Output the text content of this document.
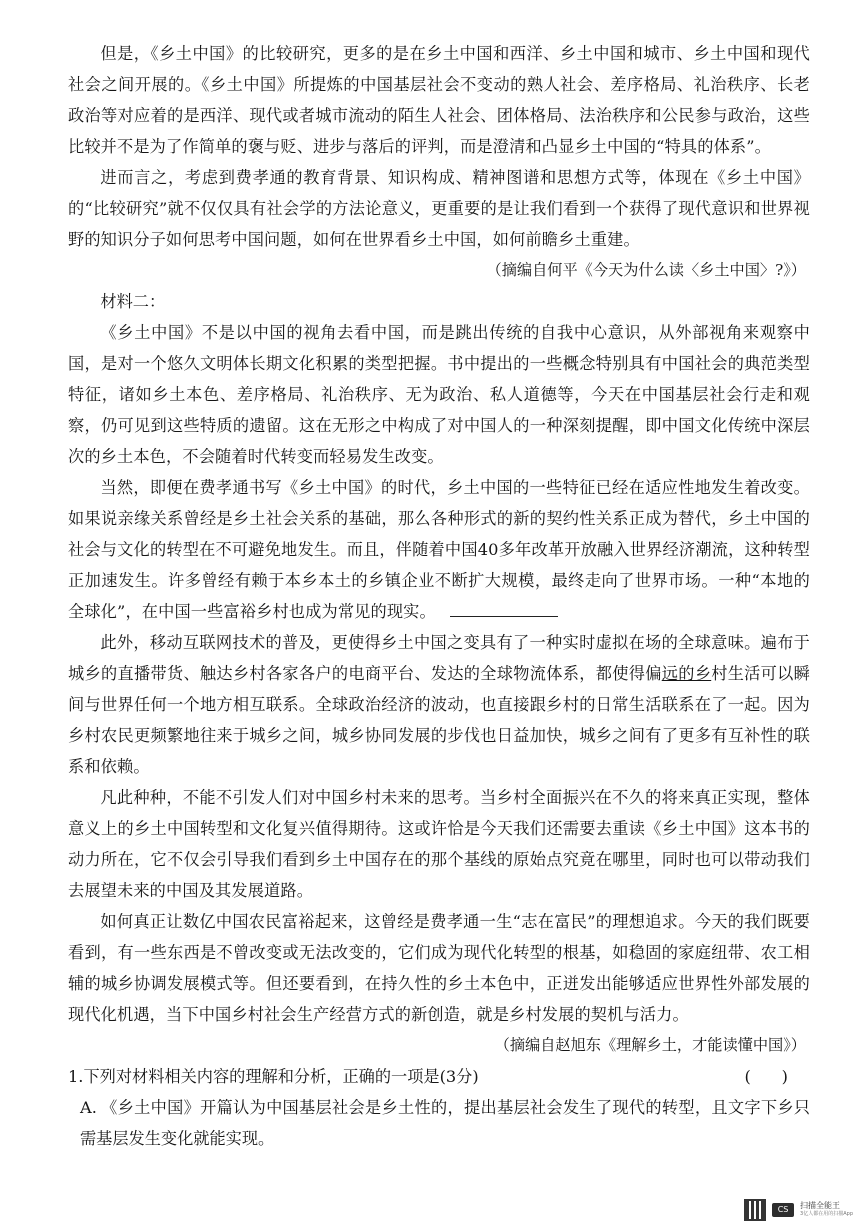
但是，《乡土中国》的比较研究，更多的是在乡土中国和西洋、乡土中国和城市、乡土中国和现代社会之间开展的。《乡土中国》所提炼的中国基层社会不变动的熟人社会、差序格局、礼治秩序、长老政治等对应着的是西洋、现代或者城市流动的陌生人社会、团体格局、法治秩序和公民参与政治，这些比较并不是为了作简单的褒与贬、进步与落后的评判，而是澄清和凸显乡土中国的“特具的体系”。

进而言之，考虑到费孝通的教育背景、知识构成、精神图谱和思想方式等，体现在《乡土中国》的“比较研究”就不仅仅具有社会学的方法论意义，更重要的是让我们看到一个获得了现代意识和世界视野的知识分子如何思考中国问题，如何在世界看乡土中国，如何前瞻乡土重建。

（摘编自何平《今天为什么读〈乡土中国〉?》）

材料二：

《乡土中国》不是以中国的视角去看中国，而是跳出传统的自我中心意识，从外部视角来观察中国，是对一个悠久文明体长期文化积累的类型把握。书中提出的一些概念特别具有中国社会的典范类型特征，诸如乡土本色、差序格局、礼治秩序、无为政治、私人道德等，今天在中国基层社会行走和观察，仍可见到这些特质的遗留。这在无形之中构成了对中国人的一种深刻提醒，即中国文化传统中深层次的乡土本色，不会随着时代转变而轻易发生改变。

当然，即便在费孝通书写《乡土中国》的时代，乡土中国的一些特征已经在适应性地发生着改变。如果说亲缘关系曾经是乡土社会关系的基础，那么各种形式的新的契约性关系正成为替代，乡土中国的社会与文化的转型在不可避免地发生。而且，伴随着中国40多年改革开放融入世界经济潮流，这种转型正加速发生。许多曾经有赖于本乡本土的乡镇企业不断扩大规模，最终走向了世界市场。一种“本地的全球化”，在中国一些富裕乡村也成为常见的现实。

此外，移动互联网技术的普及，更使得乡土中国之变具有了一种实时虚拟在场的全球意味。遍布于城乡的直播带货、触达乡村各家各户的电商平台、发达的全球物流体系，都使得偏远的乡村生活可以瞬间与世界任何一个地方相互联系。全球政治经济的波动，也直接跟乡村的日常生活联系在了一起。因为乡村农民更频繁地往来于城乡之间，城乡协同发展的步伐也日益加快，城乡之间有了更多有互补性的联系和依赖。

凡此种种，不能不引发人们对中国乡村未来的思考。当乡村全面振兴在不久的将来真正实现，整体意义上的乡土中国转型和文化复兴值得期待。这或许恰是今天我们还需要去重读《乡土中国》这本书的动力所在，它不仅会引导我们看到乡土中国存在的那个基线的原始点究竟在哪里，同时也可以带动我们去展望未来的中国及其发展道路。

如何真正让数亿中国农民富裕起来，这曾经是费孝通一生“志在富民”的理想追求。今天的我们既要看到，有一些东西是不曾改变或无法改变的，它们成为现代化转型的根基，如稳固的家庭纽带、农工相辅的城乡协调发展模式等。但还要看到，在持久性的乡土本色中，正迸发出能够适应世界性外部发展的现代化机遇，当下中国乡村社会生产经营方式的新创造，就是乡村发展的契机与活力。

（摘编自赵旭东《理解乡土，才能读懂中国》）

1.下列对材料相关内容的理解和分析，正确的一项是(3分)	(      )

A. 《乡土中国》开篇认为中国基层社会是乡土性的，提出基层社会发生了现代的转型，且文字下乡只需基层发生变化就能实现。

CS	扫描全能王
3亿人都在用的扫描App
